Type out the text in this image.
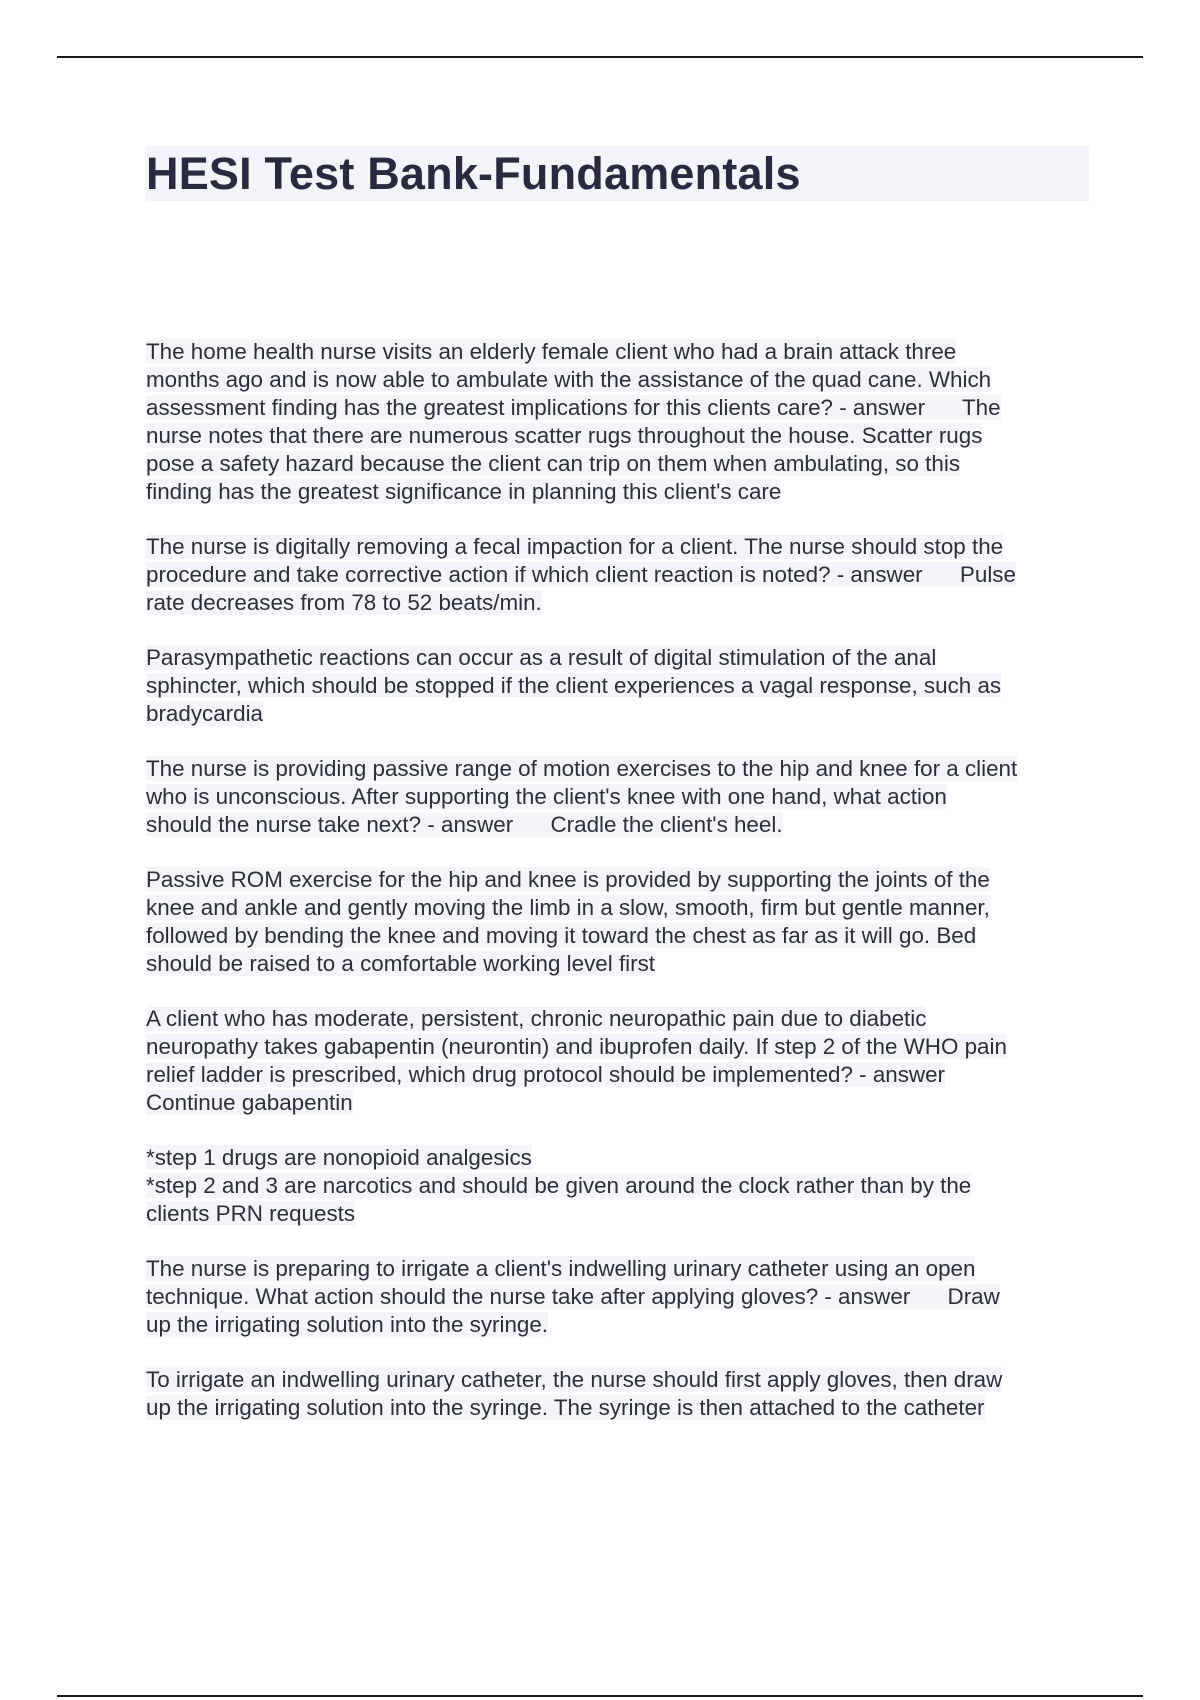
HESI Test Bank-Fundamentals
The home health nurse visits an elderly female client who had a brain attack three
months ago and is now able to ambulate with the assistance of the quad cane. Which
assessment finding has the greatest implications for this clients care? - answer      The
nurse notes that there are numerous scatter rugs throughout the house. Scatter rugs
pose a safety hazard because the client can trip on them when ambulating, so this
finding has the greatest significance in planning this client's care
The nurse is digitally removing a fecal impaction for a client. The nurse should stop the
procedure and take corrective action if which client reaction is noted? - answer      Pulse
rate decreases from 78 to 52 beats/min.
Parasympathetic reactions can occur as a result of digital stimulation of the anal
sphincter, which should be stopped if the client experiences a vagal response, such as
bradycardia
The nurse is providing passive range of motion exercises to the hip and knee for a client
who is unconscious. After supporting the client's knee with one hand, what action
should the nurse take next? - answer      Cradle the client's heel.
Passive ROM exercise for the hip and knee is provided by supporting the joints of the
knee and ankle and gently moving the limb in a slow, smooth, firm but gentle manner,
followed by bending the knee and moving it toward the chest as far as it will go. Bed
should be raised to a comfortable working level first
A client who has moderate, persistent, chronic neuropathic pain due to diabetic
neuropathy takes gabapentin (neurontin) and ibuprofen daily. If step 2 of the WHO pain
relief ladder is prescribed, which drug protocol should be implemented? - answer
Continue gabapentin
*step 1 drugs are nonopioid analgesics
*step 2 and 3 are narcotics and should be given around the clock rather than by the
clients PRN requests
The nurse is preparing to irrigate a client's indwelling urinary catheter using an open
technique. What action should the nurse take after applying gloves? - answer      Draw
up the irrigating solution into the syringe.
To irrigate an indwelling urinary catheter, the nurse should first apply gloves, then draw
up the irrigating solution into the syringe. The syringe is then attached to the catheter
